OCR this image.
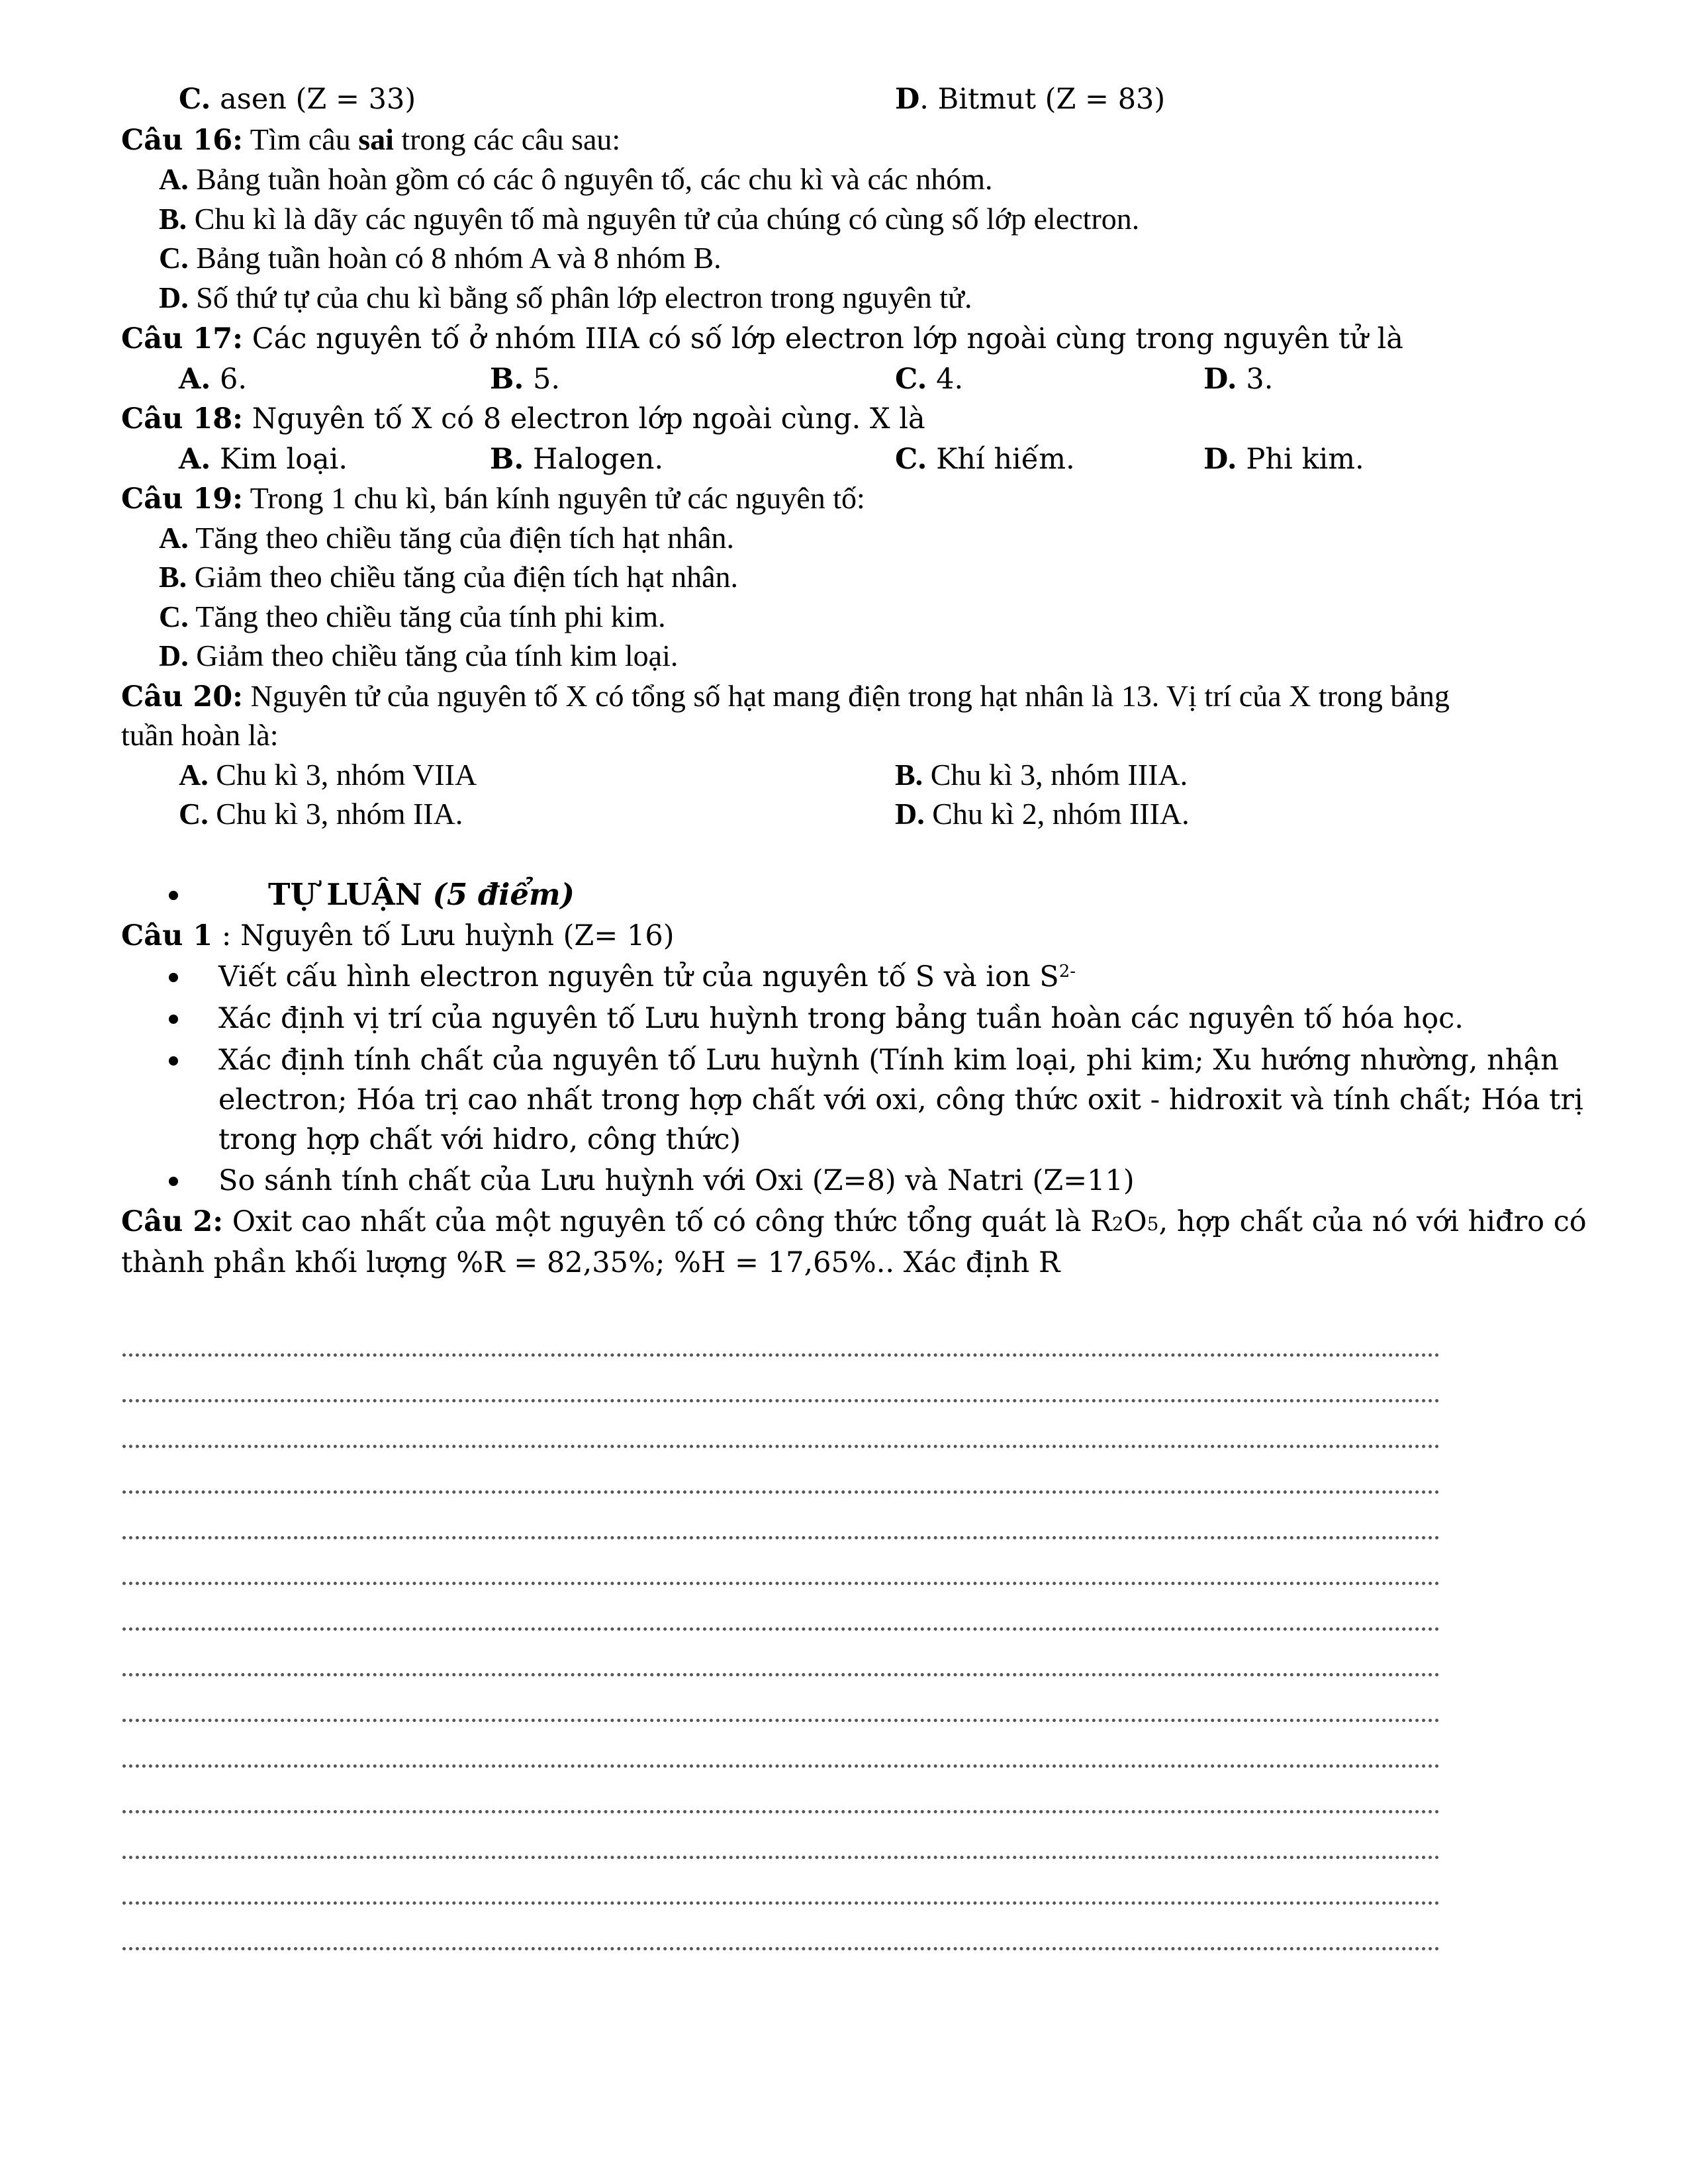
C. asen (Z = 33)	D. Bitmut (Z = 83)
Câu 16: Tìm câu sai trong các câu sau:
A. Bảng tuần hoàn gồm có các ô nguyên tố, các chu kì và các nhóm.
B. Chu kì là dãy các nguyên tố mà nguyên tử của chúng có cùng số lớp electron.
C. Bảng tuần hoàn có 8 nhóm A và 8 nhóm B.
D. Số thứ tự của chu kì bằng số phân lớp electron trong nguyên tử.
Câu 17: Các nguyên tố ở nhóm IIIA có số lớp electron lớp ngoài cùng trong nguyên tử là
A. 6.	B. 5.	C. 4.	D. 3.
Câu 18: Nguyên tố X có 8 electron lớp ngoài cùng. X là
A. Kim loại.	B. Halogen.	C. Khí hiếm.	D. Phi kim.
Câu 19: Trong 1 chu kì, bán kính nguyên tử các nguyên tố:
A. Tăng theo chiều tăng của điện tích hạt nhân.
B. Giảm theo chiều tăng của điện tích hạt nhân.
C. Tăng theo chiều tăng của tính phi kim.
D. Giảm theo chiều tăng của tính kim loại.
Câu 20: Nguyên tử của nguyên tố X có tổng số hạt mang điện trong hạt nhân là 13. Vị trí của X trong bảng
tuần hoàn là:
A. Chu kì 3, nhóm VIIA	B. Chu kì 3, nhóm IIIA.
C. Chu kì 3, nhóm IIA.	D. Chu kì 2, nhóm IIIA.
TỰ LUẬN (5 điểm)
Câu 1 : Nguyên tố Lưu huỳnh (Z= 16)
Viết cấu hình electron nguyên tử của nguyên tố S và ion $S^{2-}$
Xác định vị trí của nguyên tố Lưu huỳnh trong bảng tuần hoàn các nguyên tố hóa học.
Xác định tính chất của nguyên tố Lưu huỳnh (Tính kim loại, phi kim; Xu hướng nhường, nhận
electron; Hóa trị cao nhất trong hợp chất với oxi, công thức oxit - hidroxit và tính chất; Hóa trị
trong hợp chất với hidro, công thức)
So sánh tính chất của Lưu huỳnh với Oxi (Z=8) và Natri (Z=11)
Câu 2: Oxit cao nhất của một nguyên tố có công thức tổng quát là R2O5, hợp chất của nó với hiđro có
thành phần khối lượng %R = 82,35%; %H = 17,65%.. Xác định R
